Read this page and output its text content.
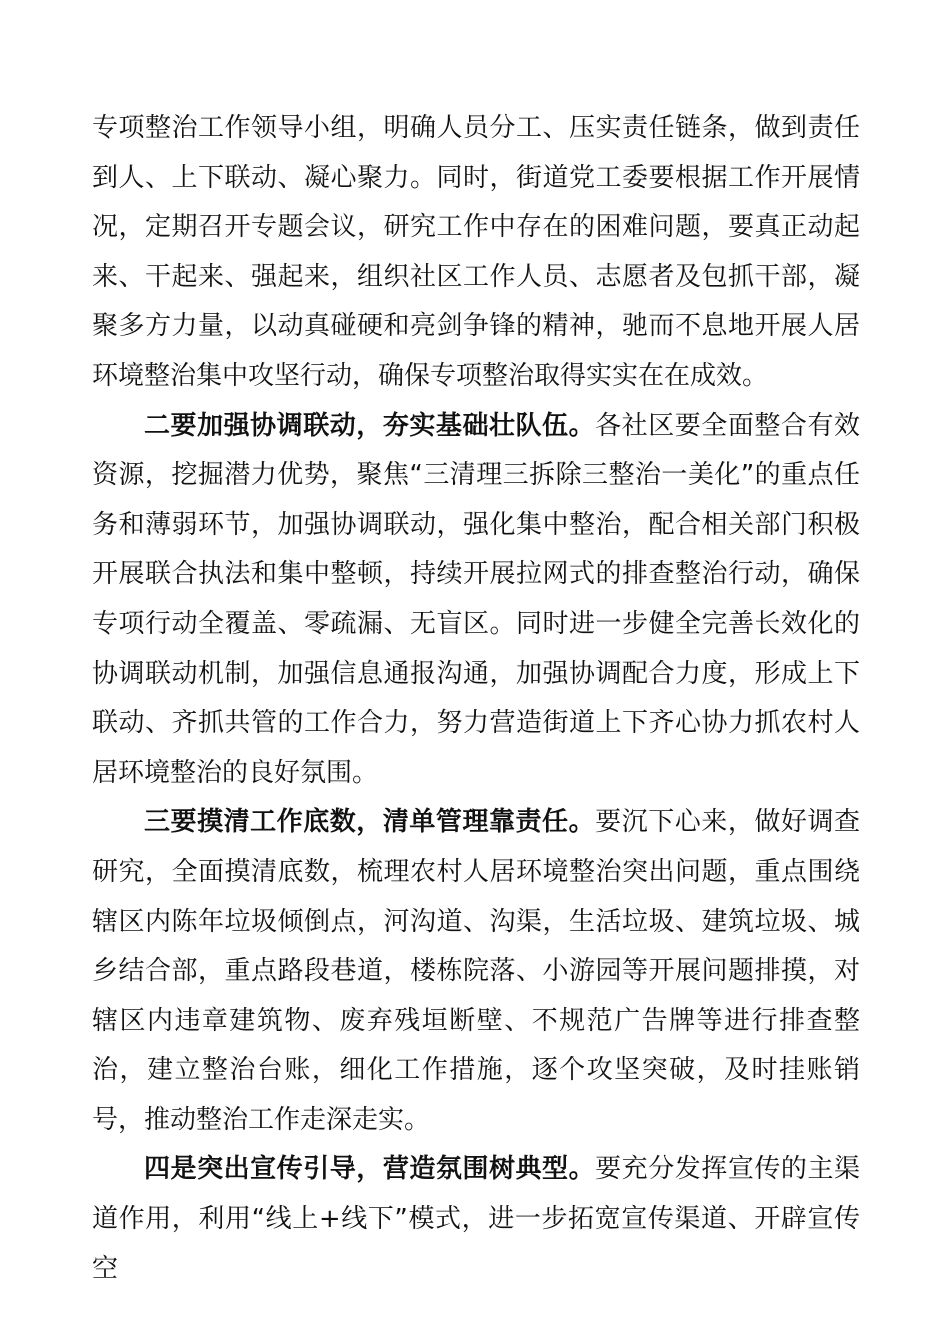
专项整治工作领导小组，明确人员分工、压实责任链条，做到责任到人、上下联动、凝心聚力。同时，街道党工委要根据工作开展情况，定期召开专题会议，研究工作中存在的困难问题，要真正动起来、干起来、强起来，组织社区工作人员、志愿者及包抓干部，凝聚多方力量，以动真碰硬和亮剑争锋的精神，驰而不息地开展人居环境整治集中攻坚行动，确保专项整治取得实实在在成效。

二要加强协调联动，夯实基础壮队伍。各社区要全面整合有效资源，挖掘潜力优势，聚焦“三清理三拆除三整治一美化”的重点任务和薄弱环节，加强协调联动，强化集中整治，配合相关部门积极开展联合执法和集中整顿，持续开展拉网式的排查整治行动，确保专项行动全覆盖、零疏漏、无盲区。同时进一步健全完善长效化的协调联动机制，加强信息通报沟通，加强协调配合力度，形成上下联动、齐抓共管的工作合力，努力营造街道上下齐心协力抓农村人居环境整治的良好氛围。

三要摸清工作底数，清单管理靠责任。要沉下心来，做好调查研究，全面摸清底数，梳理农村人居环境整治突出问题，重点围绕辖区内陈年垃圾倾倒点，河沟道、沟渠，生活垃圾、建筑垃圾、城乡结合部，重点路段巷道，楼栋院落、小游园等开展问题排摸，对辖区内违章建筑物、废弃残垣断壁、不规范广告牌等进行排查整治，建立整治台账，细化工作措施，逐个攻坚突破，及时挂账销号，推动整治工作走深走实。

四是突出宣传引导，营造氛围树典型。要充分发挥宣传的主渠道作用，利用“线上+线下”模式，进一步拓宽宣传渠道、开辟宣传空
